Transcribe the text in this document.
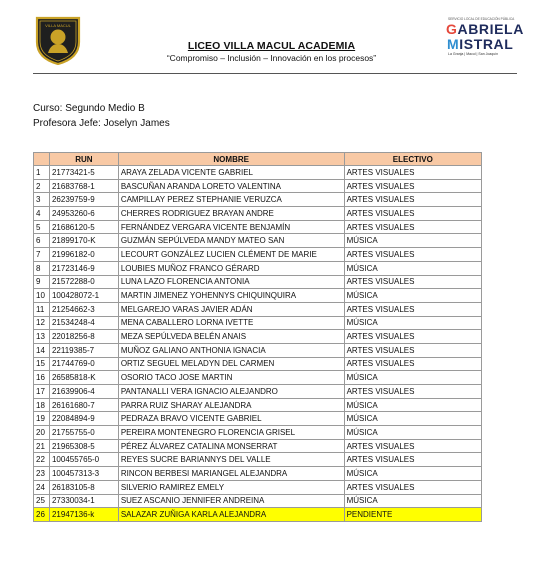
VILLA MACUL
LICEO VILLA MACUL ACADEMIA
“Compromiso – Inclusión – Innovación en los procesos”
SERVICIO LOCAL DE EDUCACIÓN PÚBLICA
GABRIELA
MISTRAL
La Granja | Macul | San Joaquín
Curso: Segundo Medio B
Profesora Jefe: Joselyn James
	RUN	NOMBRE	ELECTIVO
1	21773421-5	ARAYA ZELADA VICENTE GABRIEL	ARTES VISUALES
2	21683768-1	BASCUÑAN ARANDA LORETO VALENTINA	ARTES VISUALES
3	26239759-9	CAMPILLAY PEREZ STEPHANIE VERUZCA	ARTES VISUALES
4	24953260-6	CHERRES RODRIGUEZ BRAYAN ANDRE	ARTES VISUALES
5	21686120-5	FERNÁNDEZ VERGARA VICENTE BENJAMÍN	ARTES VISUALES
6	21899170-K	GUZMÁN SEPÚLVEDA MANDY MATEO SAN	MÚSICA
7	21996182-0	LECOURT GONZÁLEZ LUCIEN CLÉMENT DE MARIE	ARTES VISUALES
8	21723146-9	LOUBIES MUÑOZ FRANCO GÉRARD	MÚSICA
9	21572288-0	LUNA LAZO FLORENCIA ANTONIA	ARTES VISUALES
10	100428072-1	MARTIN JIMENEZ YOHENNYS CHIQUINQUIRA	MÚSICA
11	21254662-3	MELGAREJO VARAS JAVIER ADÁN	ARTES VISUALES
12	21534248-4	MENA CABALLERO LORNA IVETTE	MÚSICA
13	22018256-8	MEZA SEPÚLVEDA BELÉN ANAIS	ARTES VISUALES
14	22119385-7	MUÑOZ GALIANO ANTHONIA IGNACIA	ARTES VISUALES
15	21744769-0	ORTIZ SEGUEL MELADYN DEL CARMEN	ARTES VISUALES
16	26585818-K	OSORIO TACO JOSE MARTIN	MÚSICA
17	21639906-4	PANTANALLI VERA IGNACIO ALEJANDRO	ARTES VISUALES
18	26161680-7	PARRA RUIZ SHARAY ALEJANDRA	MÚSICA
19	22084894-9	PEDRAZA BRAVO VICENTE GABRIEL	MÚSICA
20	21755755-0	PEREIRA MONTENEGRO FLORENCIA GRISEL	MÚSICA
21	21965308-5	PÉREZ ÁLVAREZ CATALINA MONSERRAT	ARTES VISUALES
22	100455765-0	REYES SUCRE BARIANNYS DEL VALLE	ARTES VISUALES
23	100457313-3	RINCON BERBESI MARIANGEL ALEJANDRA	MÚSICA
24	26183105-8	SILVERIO RAMIREZ EMELY	ARTES VISUALES
25	27330034-1	SUEZ ASCANIO JENNIFER ANDREINA	MÚSICA
26	21947136-k	SALAZAR ZUÑIGA KARLA ALEJANDRA	PENDIENTE
